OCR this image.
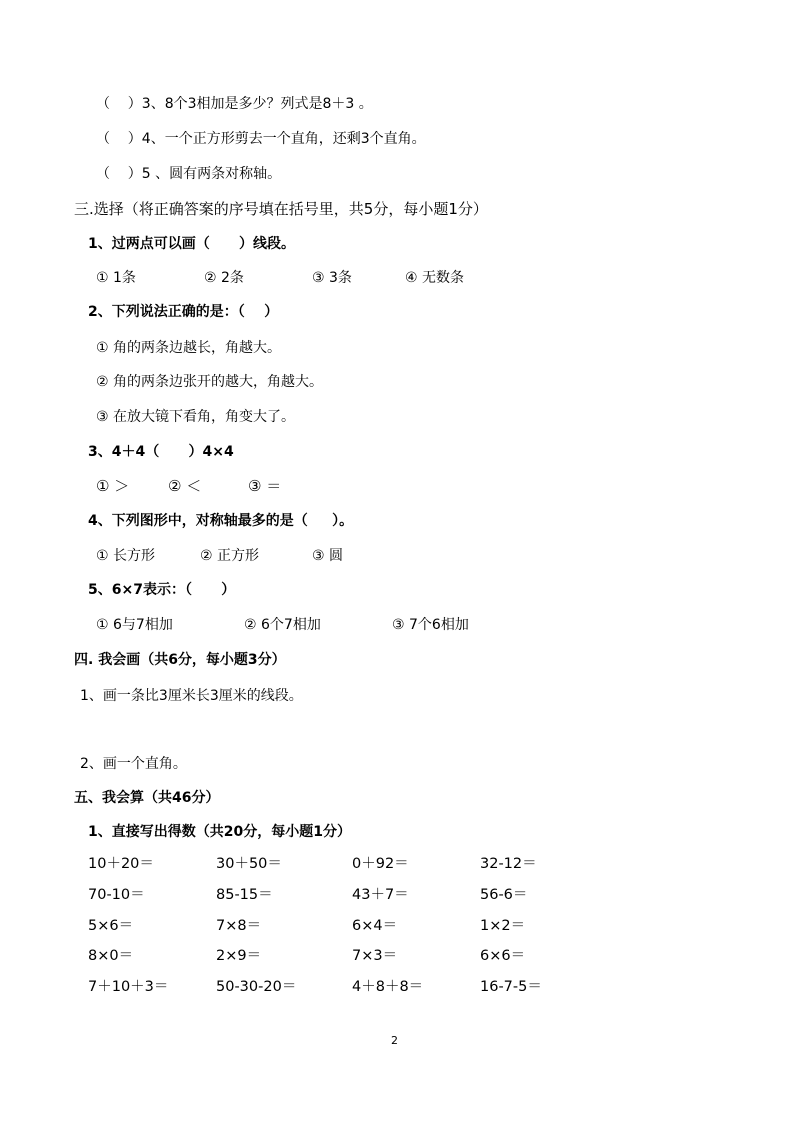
（    ）3、8个3相加是多少？列式是8＋3 。
（    ）4、一个正方形剪去一个直角，还剩3个直角。
（    ）5 、圆有两条对称轴。
三.选择（将正确答案的序号填在括号里，共5分，每小题1分）
1、过两点可以画（      ）线段。
① 1条	② 2条	③ 3条	④ 无数条
2、下列说法正确的是：（    ）
① 角的两条边越长，角越大。
② 角的两条边张开的越大，角越大。
③ 在放大镜下看角，角变大了。
3、4＋4（      ）4×4
① ＞	② ＜	③ ＝
4、下列图形中，对称轴最多的是（     ）。
① 长方形	② 正方形	③ 圆
5、6×7表示：（      ）
① 6与7相加	② 6个7相加	③ 7个6相加
四. 我会画（共6分，每小题3分）
1、画一条比3厘米长3厘米的线段。
2、画一个直角。
五、我会算（共46分）
1、直接写出得数（共20分，每小题1分）
10＋20＝	30＋50＝	0＋92＝	32-12＝
70-10＝	85-15＝	43＋7＝	56-6＝
5×6＝	7×8＝	6×4＝	1×2＝
8×0＝	2×9＝	7×3＝	6×6＝
7＋10＋3＝	50-30-20＝	4＋8＋8＝	16-7-5＝
2
